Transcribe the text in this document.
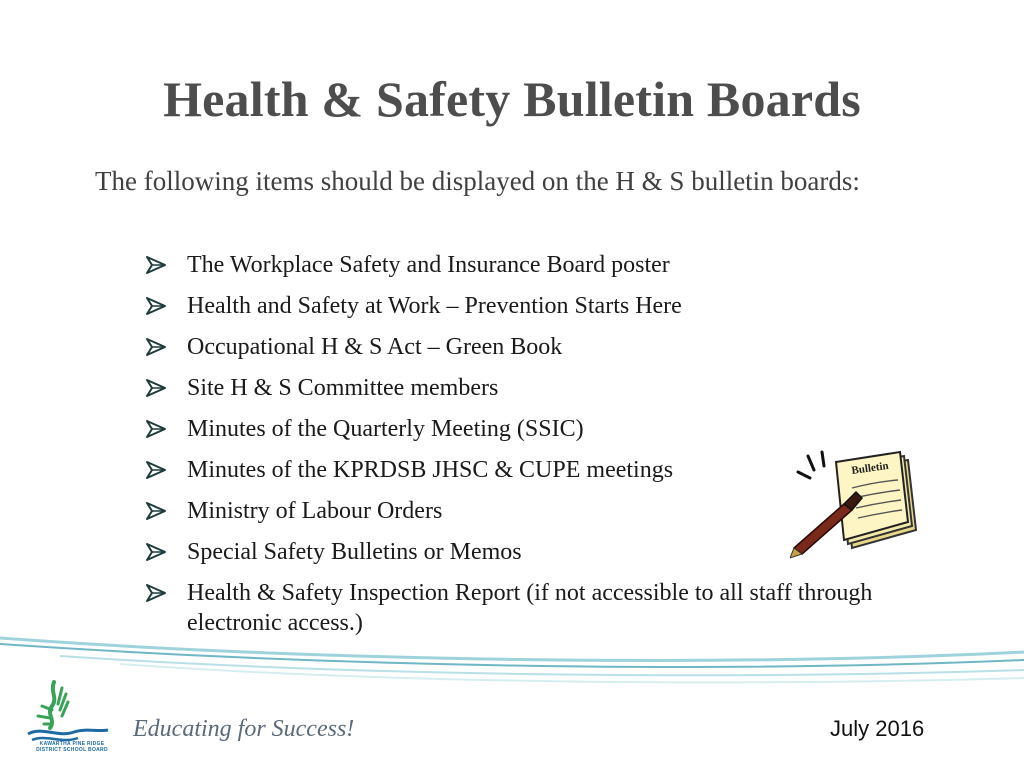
Health & Safety Bulletin Boards
The following items should be displayed on the H & S bulletin boards:
The Workplace Safety and Insurance Board poster
Health and Safety at Work – Prevention Starts Here
Occupational H & S Act – Green Book
Site H & S Committee members
Minutes of the Quarterly Meeting (SSIC)
Minutes of the KPRDSB JHSC & CUPE meetings
Ministry of Labour Orders
Special Safety Bulletins or Memos
Health & Safety Inspection Report (if not accessible to all staff through electronic access.)
Bulletin
KAWARTHA PINE RIDGE
DISTRICT SCHOOL BOARD
Educating for Success!	July 2016
